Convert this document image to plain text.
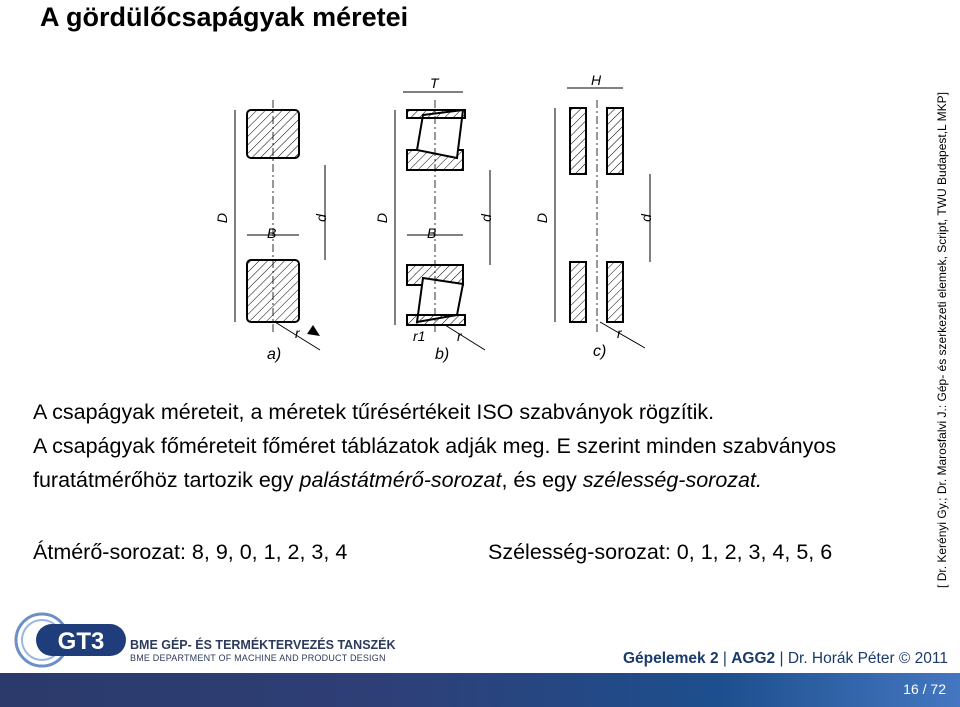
A gördülőcsapágyak méretei
D	d
B
r
D	d
B
T
r1 r
D	d
H
r
a)	b)	c)

A csapágyak méreteit, a méretek tűrésértékeit ISO szabványok rögzítik.

A csapágyak főméreteit főméret táblázatok adják meg. E szerint minden szabványos furatátmérőhöz tartozik egy palástátmérő-sorozat, és egy szélesség-sorozat.

Átmérő-sorozat: 8, 9, 0, 1, 2, 3, 4	Szélesség-sorozat: 0, 1, 2, 3, 4, 5, 6	[ Dr. Kerényi Gy.; Dr. Marosfalvi J.: Gép- és szerkezeti elemek, Script, TWU Budapest,L MKP]
GT3 BME GÉP- ÉS TERMÉKTERVEZÉS TANSZÉK
BME DEPARTMENT OF MACHINE AND PRODUCT DESIGN	Gépelemek 2 | AGG2 | Dr. Horák Péter © 2011
16 / 72
